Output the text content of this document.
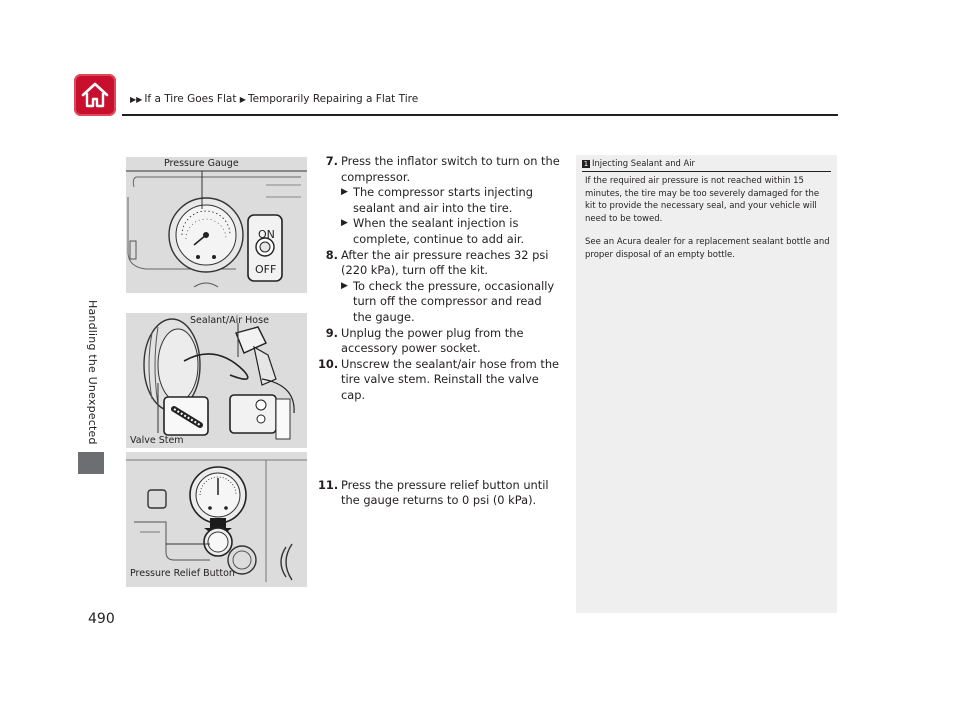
▶▶ If a Tire Goes Flat ▶ Temporarily Repairing a Flat Tire
Handling the Unexpected
Pressure Gauge
ON
OFF
Sealant/Air Hose
Valve Stem
Pressure Relief Button
7. Press the inflator switch to turn on the compressor.
▶ The compressor starts injecting sealant and air into the tire.
▶ When the sealant injection is complete, continue to add air.
8. After the air pressure reaches 32 psi (220 kPa), turn off the kit.
▶ To check the pressure, occasionally turn off the compressor and read the gauge.
9. Unplug the power plug from the accessory power socket.
10. Unscrew the sealant/air hose from the tire valve stem. Reinstall the valve cap.
11. Press the pressure relief button until the gauge returns to 0 psi (0 kPa).
1 Injecting Sealant and Air

If the required air pressure is not reached within 15 minutes, the tire may be too severely damaged for the kit to provide the necessary seal, and your vehicle will need to be towed.

See an Acura dealer for a replacement sealant bottle and proper disposal of an empty bottle.

490
